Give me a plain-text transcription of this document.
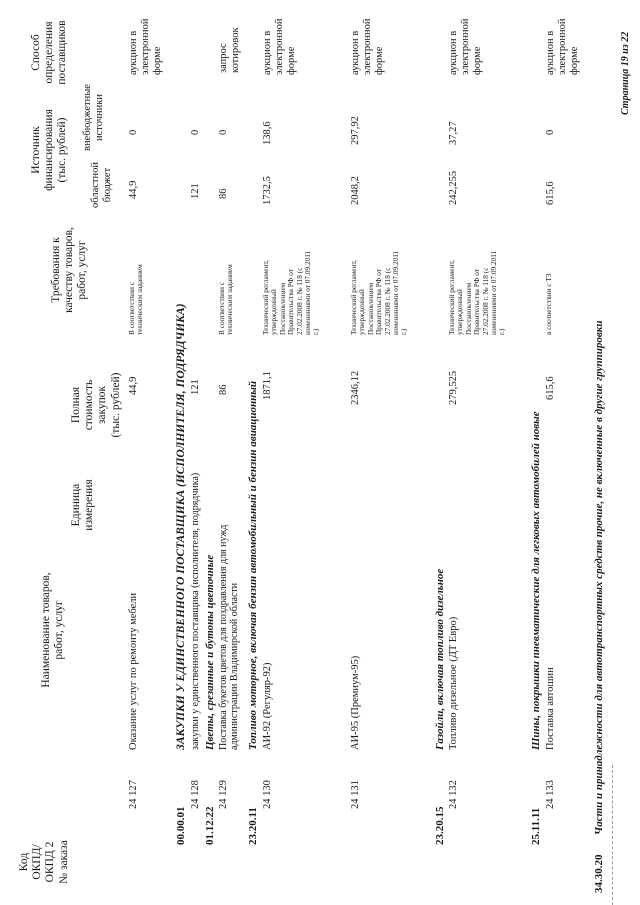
Код ОКПД/ ОКПД 2 № заказа
Наименование товаров, работ, услуг
Единица измерения
Полная стоимость закупок (тыс. рублей)
Требования к качеству товаров, работ, услуг
Источник финансирования (тыс. рублей)
областной бюджет
внебюджетные источники
Способ определения поставщиков
24 127
Оказание услуг по ремонту мебели
44,9
В соответствии с техническим заданием
44,9
0
аукцион в электронной форме
00.00.01
ЗАКУПКИ У ЕДИНСТВЕННОГО ПОСТАВЩИКА (ИСПОЛНИТЕЛЯ, ПОДРЯДЧИКА)
24 128
закупки у единственного поставщика (исполнителя, подрядчика)
121
121
0
01.12.22
Цветы, срезанные и бутоны цветочные
24 129
Поставка букетов цветов для поздравления для нужд администрации Владимирской области
86
В соответствии с техническим заданием
86
0
запрос котировок
23.20.11
Топливо моторное, включая бензин автомобильный и бензин авиационный
24 130
АИ-92 (Регуляр-92)
1871,1
Технический регламент, утвержденный Постановлением Правительства РФ от 27.02.2008 г. № 118 (с изменениями от 07.09.2011 г.)
1732,5
138,6
аукцион в электронной форме
24 131
АИ-95 (Премиум-95)
2346,12
Технический регламент, утвержденный Постановлением Правительства РФ от 27.02.2008 г. № 118 (с изменениями от 07.09.2011 г.)
2048,2
297,92
аукцион в электронной форме
23.20.15
Газойли, включая топливо дизельное
24 132
Топливо дизельное (ДТ Евро)
279,525
Технический регламент, утвержденный Постановлением Правительства РФ от 27.02.2008 г. № 118 (с изменениями от 07.09.2011 г.)
242,255
37,27
аукцион в электронной форме
25.11.11
Шины, покрышки пневматические для легковых автомобилей новые
24 133
Поставка автошин
615,6
в соответствии с ТЗ
615,6
0
аукцион в электронной форме
34.30.20
Части и принадлежности для автотранспортных средств прочие, не включенные в другие группировки
Страница 19 из 22
